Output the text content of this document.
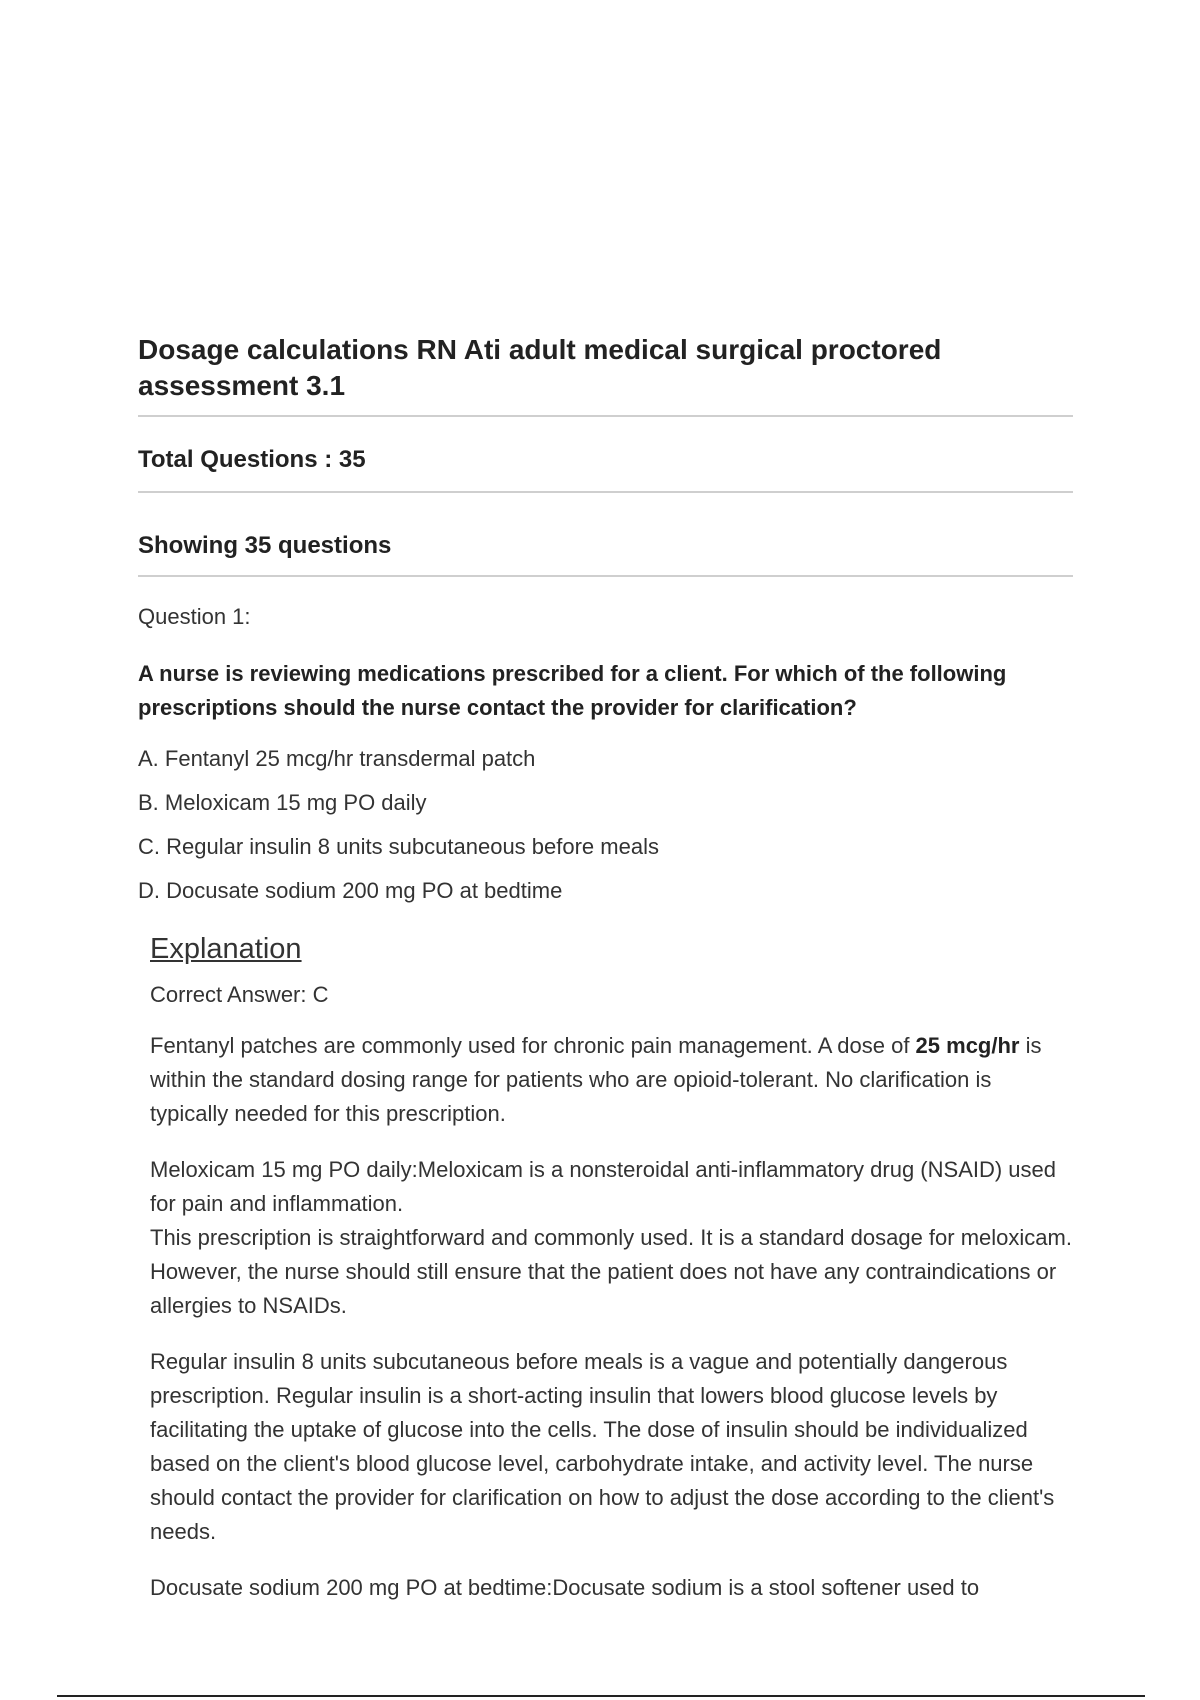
Dosage calculations RN Ati adult medical surgical proctored assessment 3.1

Total Questions : 35

Showing 35 questions

Question 1:
A nurse is reviewing medications prescribed for a client. For which of the following prescriptions should the nurse contact the provider for clarification?
A. Fentanyl 25 mcg/hr transdermal patch
B. Meloxicam 15 mg PO daily
C. Regular insulin 8 units subcutaneous before meals
D. Docusate sodium 200 mg PO at bedtime
Explanation
Correct Answer: C

Fentanyl patches are commonly used for chronic pain management. A dose of 25 mcg/hr is within the standard dosing range for patients who are opioid-tolerant. No clarification is typically needed for this prescription.

Meloxicam 15 mg PO daily:Meloxicam is a nonsteroidal anti-inflammatory drug (NSAID) used for pain and inflammation.
This prescription is straightforward and commonly used. It is a standard dosage for meloxicam. However, the nurse should still ensure that the patient does not have any contraindications or allergies to NSAIDs.

Regular insulin 8 units subcutaneous before meals is a vague and potentially dangerous prescription. Regular insulin is a short-acting insulin that lowers blood glucose levels by facilitating the uptake of glucose into the cells. The dose of insulin should be individualized based on the client's blood glucose level, carbohydrate intake, and activity level. The nurse should contact the provider for clarification on how to adjust the dose according to the client's needs.

Docusate sodium 200 mg PO at bedtime:Docusate sodium is a stool softener used to
